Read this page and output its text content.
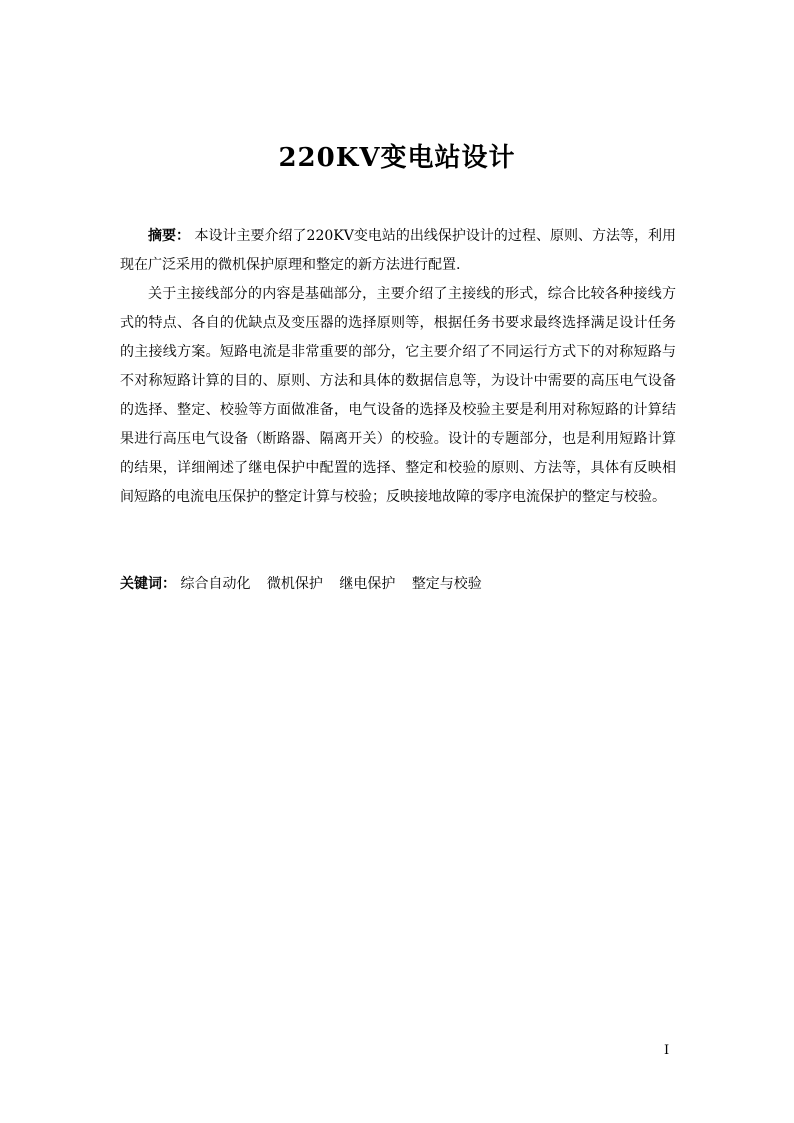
220KV变电站设计

摘要： 本设计主要介绍了220KV变电站的出线保护设计的过程、原则、方法等，利用现在广泛采用的微机保护原理和整定的新方法进行配置.

关于主接线部分的内容是基础部分，主要介绍了主接线的形式，综合比较各种接线方式的特点、各自的优缺点及变压器的选择原则等，根据任务书要求最终选择满足设计任务的主接线方案。短路电流是非常重要的部分，它主要介绍了不同运行方式下的对称短路与不对称短路计算的目的、原则、方法和具体的数据信息等，为设计中需要的高压电气设备的选择、整定、校验等方面做准备，电气设备的选择及校验主要是利用对称短路的计算结果进行高压电气设备（断路器、隔离开关）的校验。设计的专题部分，也是利用短路计算的结果，详细阐述了继电保护中配置的选择、整定和校验的原则、方法等，具体有反映相间短路的电流电压保护的整定计算与校验；反映接地故障的零序电流保护的整定与校验。

关键词： 综合自动化 微机保护 继电保护 整定与校验
I
